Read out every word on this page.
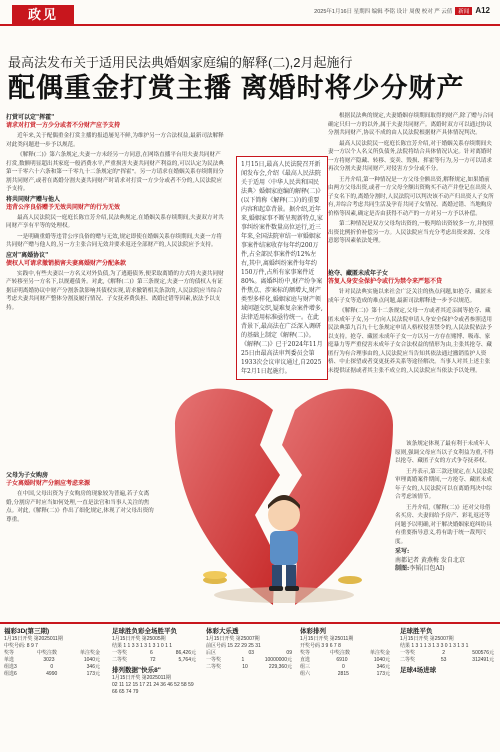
政见	2025年1月16日 星期四 编辑 李铭 设计 周俊 校对 严 云倩 新闻 A12
最高法发布关于适用民法典婚姻家庭编的解释(二),2月起施行
配偶重金打赏主播 离婚时将少分财产
打赏可以定"挥霍"
请求对打赏一方少分或者不分财产应予支持

近年来,关于配偶重金打赏主播的报道屡见不鲜,为维护另一方合法权益,最新司法解释对此类问题进一步予以规范。

《解释(二)》第六条规定,夫妻一方未经另一方同意,在网络直播平台用夫妻共同财产打赏,数额明显超出其家庭一般消费水平,严重损害夫妻共同财产利益的,可以认定为民法典第一千零六十六条和第一千零九十二条规定的"挥霍"。另一方请求在婚姻关系存续期间分割共同财产,或者在离婚分割夫妻共同财产时请求对打赏一方少分或者不分的,人民法院应予支持。

将共同财产赠与他人
违背公序良俗赠予无效共同财产的行为无效

最高人民法院民一庭庭长陈宜芳介绍,民法典规定,在婚姻关系存续期间,夫妻双方对共同财产享有平等的处理权。

一是明确重婚等违背公序良俗的赠与无效,规定即使在婚姻关系存续期间,夫妻一方将共同财产赠与他人的,另一方主张合同无效并要求返还全部财产的,人民法院应予支持。

应对"离婚协议"
债权人可请求撤销损害夫妻离婚财产分配条款

实践中,有些夫妻以一方名义对外负债,为了逃避债务,便采取离婚的方式将夫妻共同财产转移至另一方名下,以规避债务。对此,《解释(二)》第三条规定,夫妻一方的债权人有证据证明离婚协议中财产分割条款影响其债权实现,请求撤销相关条款的,人民法院应当综合考虑夫妻共同财产整体分割及履行情况、子女抚养费负担、离婚过错等因素,依法予以支持。

父母为子女购房
子女离婚时财产分割应考虑来源

在中国,父母出资为子女购房的现象较为普遍,若子女离婚,分割房产时应当如何处理,一直是法官和当事人关注的焦点。对此,《解释(二)》作出了细化规定,体现了对父母出资的尊重。

1月15日,最高人民法院召开新闻发布会,介绍《最高人民法院关于适用〈中华人民共和国民法典〉婚姻家庭编的解释(二)》(以下简称《解释(二)》)的重要内容和起草背景。据介绍,近年来,婚姻家事不断呈现新特点,家事纠纷案件数量高位运行,近三年来,全国法院审结一审婚姻家事案件结案收存每年约200万件,占全部民事案件约12%左右,其中,离婚纠纷案件每年约150万件,占所有家事案件近80%。离婚纠纷中,财产纷争案件焦点、涉案标的额增大,财产类型多样化,婚姻家庭与财产领域问题交织,疑难复杂案件增多,法律适用标准亟待统一。在此背景下,最高法在广泛深入调研的基础上制定《解释(二)》。《解释(二)》已于2024年11月25日由最高法审判委员会第1933次会议审议通过,自2025年2月1日起施行。

根据民法典的规定,夫妻婚姻存续期间取得的财产,除了赠与合同确定只归一方的以外,属于夫妻共同财产。离婚时双方可以通过协议分割共同财产,协议不成的由人民法院根据财产具体情况判决。

最高人民法院民一庭庭长陈宜芳介绍,对于婚姻关系存续期间夫妻一方以个人名义所负债务,法院将结合具体情况认定。针对离婚时一方将财产隐藏、转移、变卖、毁损、挥霍等行为,另一方可以请求再次分割夫妻共同财产,对侵害方少分或不分。

王丹介绍,第一种情况是一方父母全额出资,解释规定,如果婚前由两方父母出资,或者一方父母全额出资购买不动产并登记在出资人子女名下的,离婚分割时,人民法院可以判决该不动产归出资人子女所有,并综合考虑共同生活及孕育共同子女情况、离婚过错、当地购房价格等因素,确定是否由获得不动产的一方对另一方予以补偿。

第二种情况是双方父母均出资的,一般判给出资较多一方,并按照出资比例折价补偿另一方。人民法院应当充分考虑出资来源、父母意愿等因素依法处理。

抢夺、藏匿未成年子女
答复人身安全保护令或行为禁令来严惩不贷

针对民法典实施以来社会广泛关注的热点问题,如抢夺、藏匿未成年子女等造成的难点问题,最新司法解释进一步予以规范。

《解释(二)》第十二条规定,父母一方或者其近亲属等抢夺、藏匿未成年子女,另一方向人民法院申请人身安全保护令或者参照适用民法典第九百九十七条规定申请人格权侵害禁令的,人民法院依法予以支持。抢夺、藏匿未成年子女一方以另一方存在赌博、吸毒、家庭暴力等严重侵害未成年子女合法权益的情形为由,主张其抢夺、藏匿行为有合理事由的,人民法院应当告知其依法通过撤销监护人资格、中止探望或者变更抚养关系等途径解决。当事人对其上述主张未提供证据或者其主张不成立的,人民法院应当依法予以处理。

该条规定体现了最有利于未成年人原则,强调父母应当以子女利益为重,不得以抢夺、藏匿子女的方式争夺抚养权。

王丹表示,第三款还规定,在人民法院审理离婚案件期间,一方抢夺、藏匿未成年子女的,人民法院可以在离婚判决中综合考虑该情节。

王丹介绍,《解释(二)》还对父母借名买房、夫妻间给予房产、彩礼返还等问题予以明确,对于解决婚姻家庭纠纷具有重要指导意义,将有助于统一裁判尺度。

采写:
南都记者 黄燕梅 发自北京
制图:李韬(目包AI)
福彩3D(第三期)
1月15日开奖 第2025011期
中奖号码: 8 9 7
奖等	中奖注数	单注奖金
单选	3023	1040元
组选3	0	346元
组选6	4990	173元
足球胜负彩全场胜平负
1月15日开奖 第25005期
结果 1 1 3 3 1 3 1 3 1 0 1 1
一等奖	6	86,426元
二等奖	72	5,764元
排列数据"快乐8"
1月15日开奖 第2025011期
02 11 12 15 17 21 24 36 46 52 58 59 66 65 74 79
体彩大乐透
1月15日开奖 第25007期
前区号码 15 22 29 25 31
后区	03	09
一等奖	1	10000000元
二等奖	10	229,360元
体彩排列
1月15日开奖 第25011期
开奖号码 3 9 6 7 8
奖等	中奖注数	单注奖金
直选	6910	1040元
组三	0	346元
组六	2815	173元
足球胜平负
1月15日开奖 第25007期
结果 1 3 1 1 3 1 3 3 0 1 3 1 3 1
一等奖	2	500576元
二等奖	53	312491元
足球4场进球
